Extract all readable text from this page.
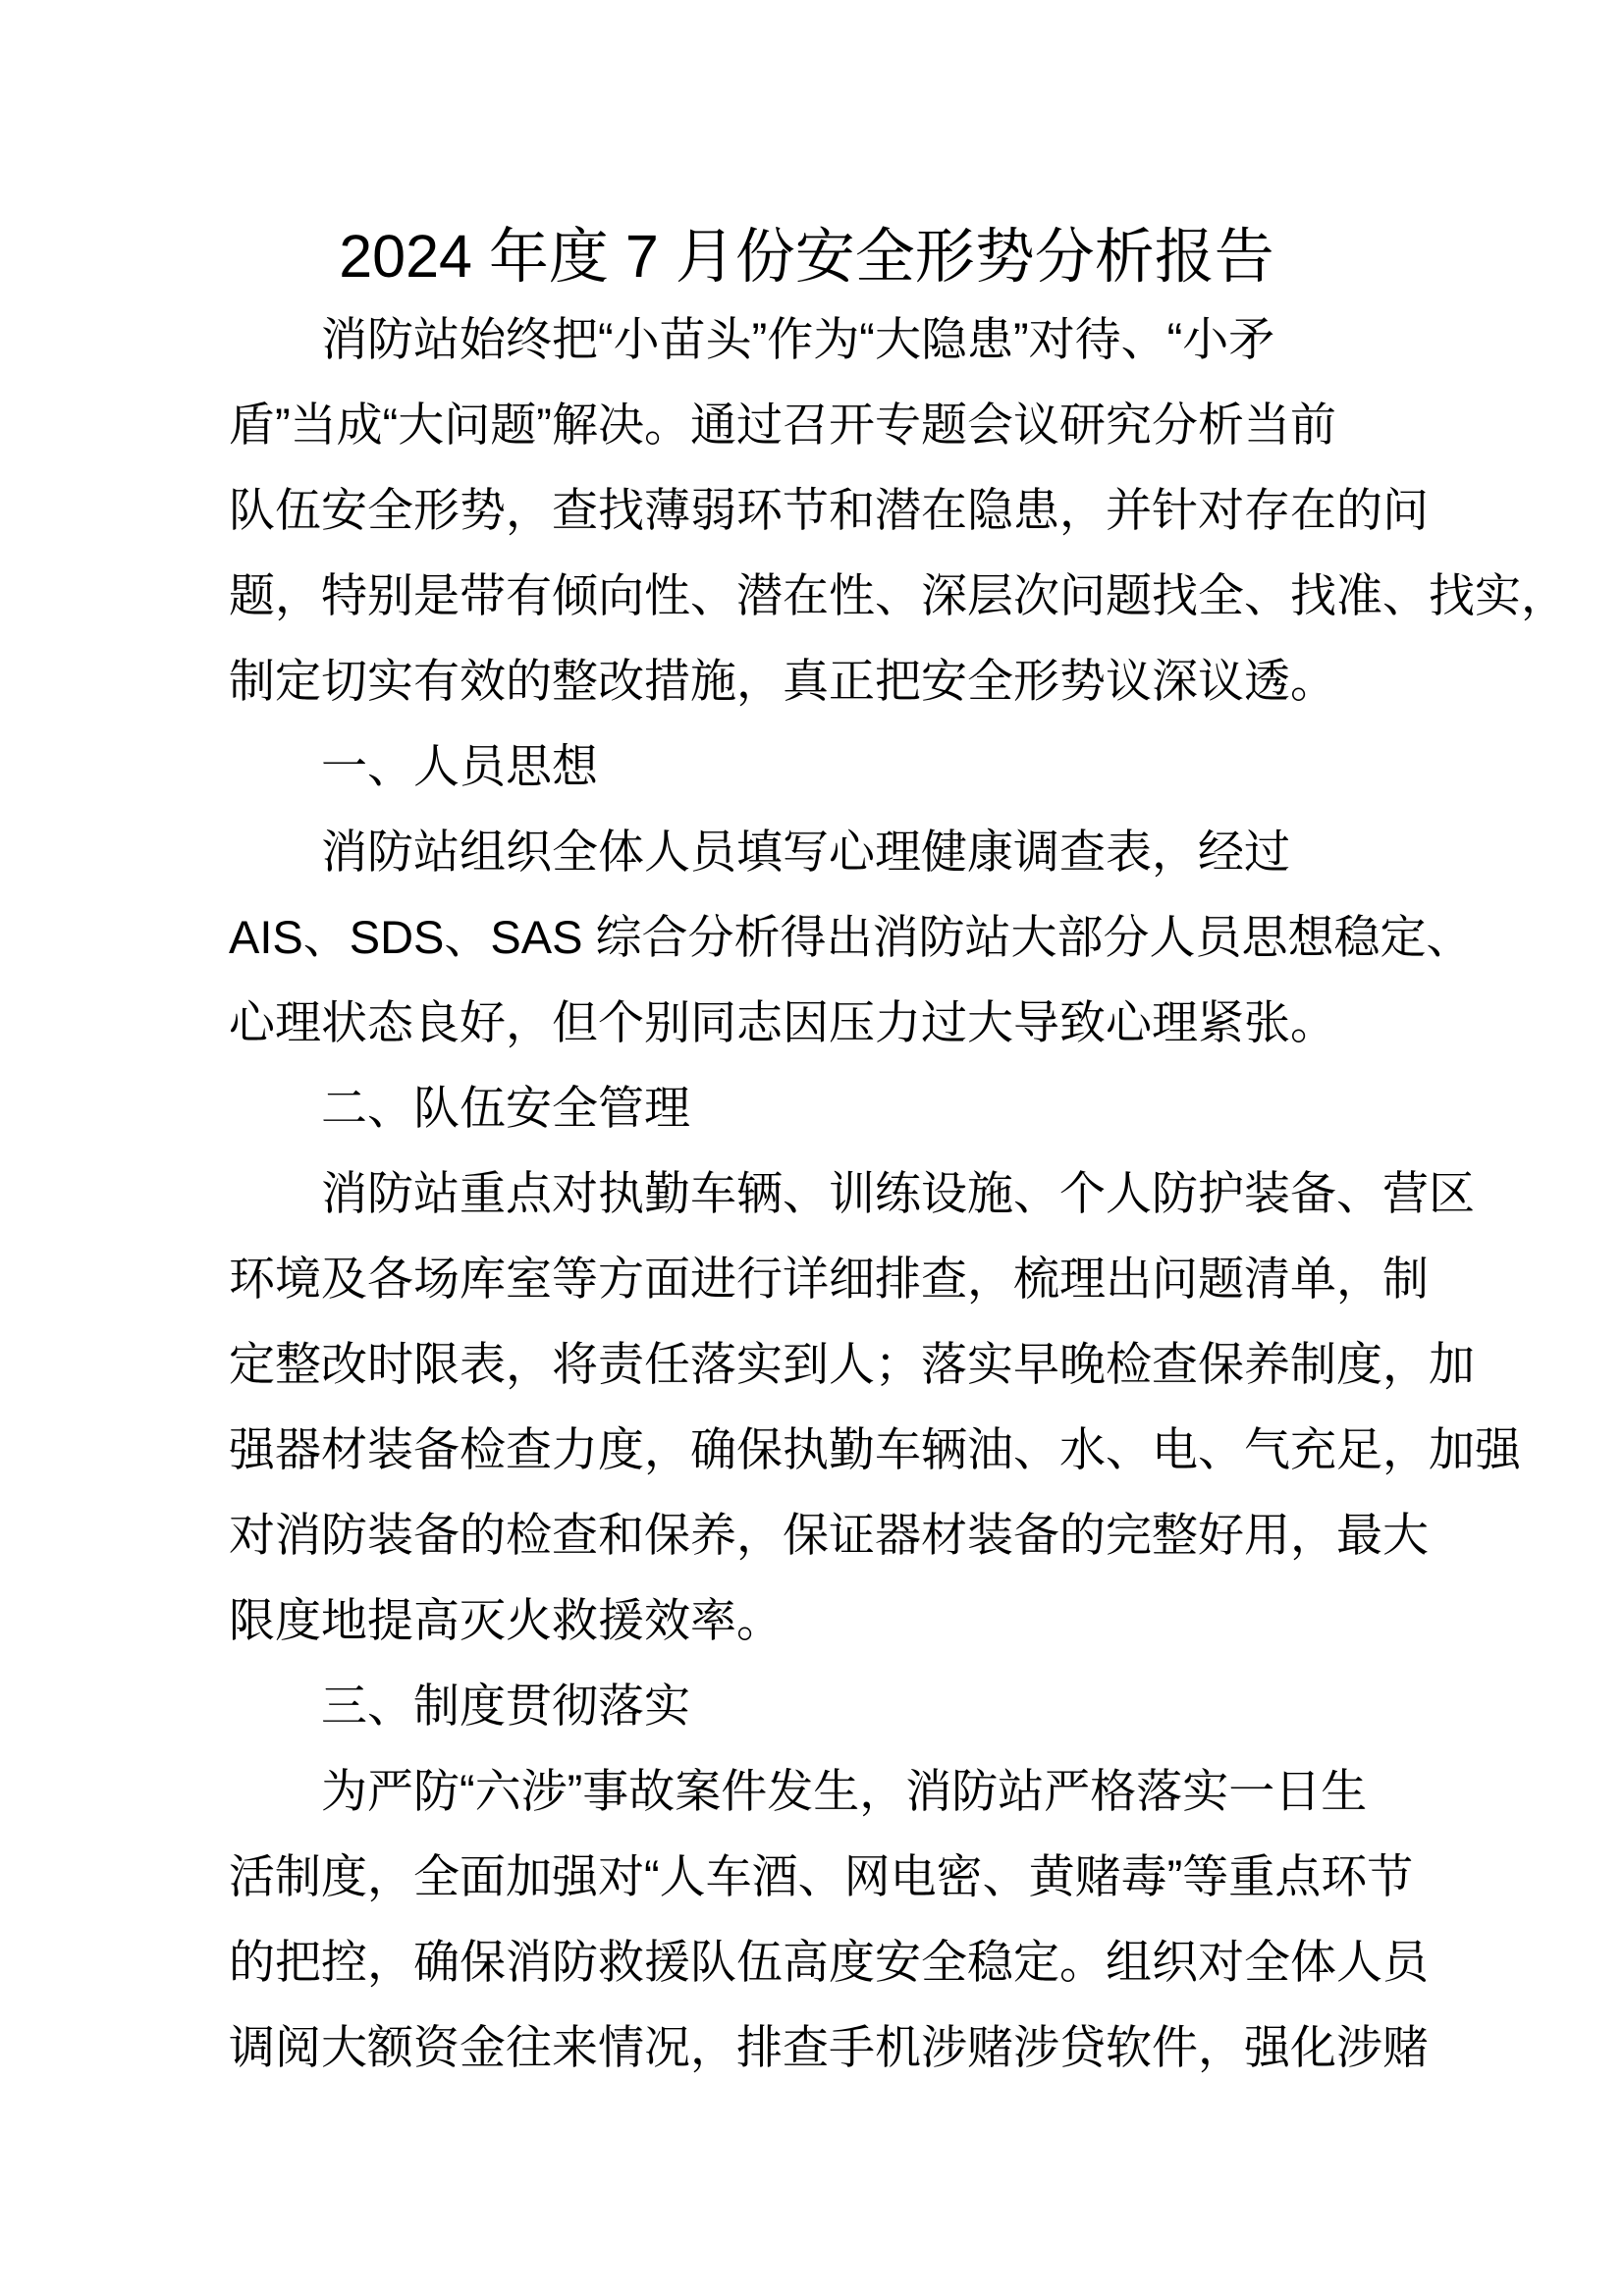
2024 年度 7 月份安全形势分析报告
消防站始终把“小苗头”作为“大隐患”对待、“小矛
盾”当成“大问题”解决。通过召开专题会议研究分析当前
队伍安全形势，查找薄弱环节和潜在隐患，并针对存在的问
题，特别是带有倾向性、潜在性、深层次问题找全、找准、找实，
制定切实有效的整改措施，真正把安全形势议深议透。
一、人员思想
消防站组织全体人员填写心理健康调查表，经过
AIS、SDS、SAS 综合分析得出消防站大部分人员思想稳定、
心理状态良好，但个别同志因压力过大导致心理紧张。
二、队伍安全管理
消防站重点对执勤车辆、训练设施、个人防护装备、营区
环境及各场库室等方面进行详细排查，梳理出问题清单，制
定整改时限表，将责任落实到人；落实早晚检查保养制度，加
强器材装备检查力度，确保执勤车辆油、水、电、气充足，加强
对消防装备的检查和保养，保证器材装备的完整好用，最大
限度地提高灭火救援效率。
三、制度贯彻落实
为严防“六涉”事故案件发生，消防站严格落实一日生
活制度，全面加强对“人车酒、网电密、黄赌毒”等重点环节
的把控，确保消防救援队伍高度安全稳定。组织对全体人员
调阅大额资金往来情况，排查手机涉赌涉贷软件，强化涉赌
